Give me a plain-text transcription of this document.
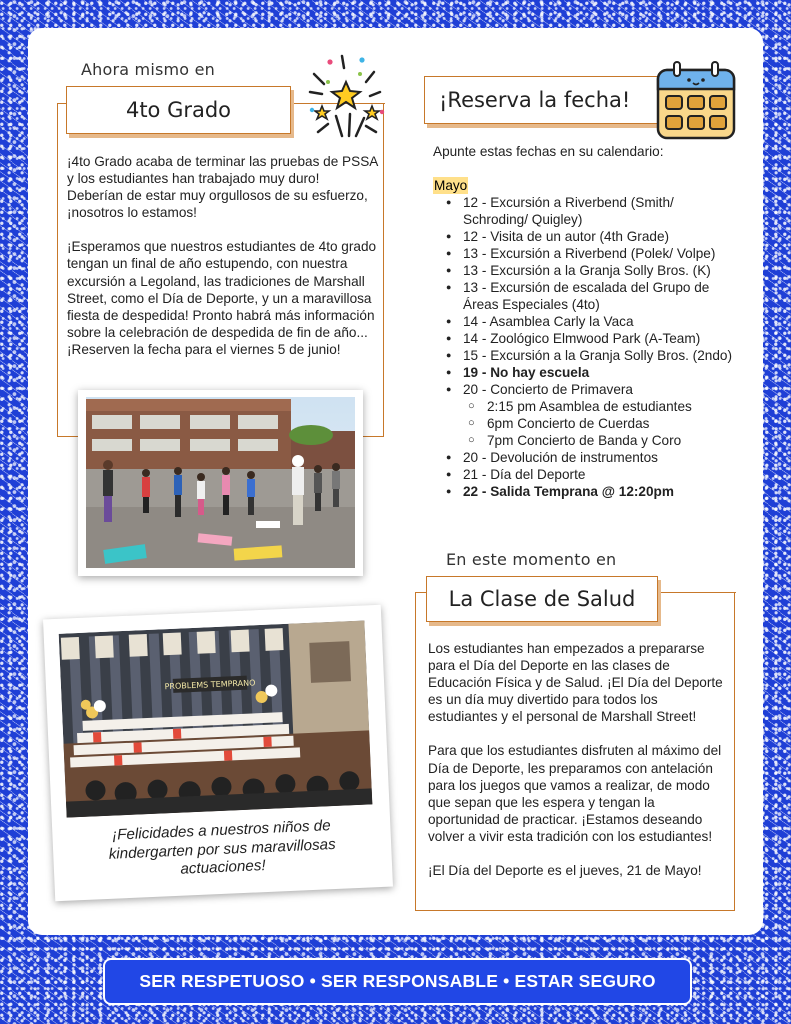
Ahora mismo en
4to Grado

¡4to Grado acaba de terminar las pruebas de PSSA y los estudiantes han trabajado muy duro! Deberían de estar muy orgullosos de su esfuerzo, ¡nosotros lo estamos!

¡Esperamos que nuestros estudiantes de 4to grado tengan un final de año estupendo, con nuestra excursión a Legoland, las tradiciones de Marshall Street, como el Día de Deporte, y un a maravillosa fiesta de despedida! Pronto habrá más información sobre la celebración de despedida de fin de año... ¡Reserven la fecha para el viernes 5 de junio!

¡Reserva la fecha!
Apunte estas fechas en su calendario:
Mayo
● 12 - Excursión a Riverbend (Smith/ Schroding/ Quigley)
● 12 - Visita de un autor (4th Grade)
● 13 - Excursión a Riverbend (Polek/ Volpe)
● 13 - Excursión a la Granja Solly Bros. (K)
● 13 - Excursión de escalada del Grupo de Áreas Especiales (4to)
● 14 - Asamblea Carly la Vaca
● 14 - Zoológico Elmwood Park (A-Team)
● 15 - Excursión a la Granja Solly Bros. (2ndo)
● 19 - No hay escuela
● 20 - Concierto de Primavera
○ 2:15 pm Asamblea de estudiantes
○ 6pm Concierto de Cuerdas
○ 7pm Concierto de Banda y Coro
● 20 - Devolución de instrumentos
● 21 - Día del Deporte
● 22 - Salida Temprana @ 12:20pm
En este momento en
La Clase de Salud

Los estudiantes han empezados a prepararse para el Día del Deporte en las clases de Educación Física y de Salud. ¡El Día del Deporte es un día muy divertido para todos los estudiantes y el personal de Marshall Street!

Para que los estudiantes disfruten al máximo del Día de Deporte, les preparamos con antelación para los juegos que vamos a realizar, de modo que sepan que les espera y tengan la oportunidad de practicar. ¡Estamos deseando volver a vivir esta tradición con los estudiantes!

¡El Día del Deporte es el jueves, 21 de Mayo!

PROBLEMS TEMPRANO
¡Felicidades a nuestros niños de kindergarten por sus maravillosas actuaciones!
SER RESPETUOSO • SER RESPONSABLE • ESTAR SEGURO
